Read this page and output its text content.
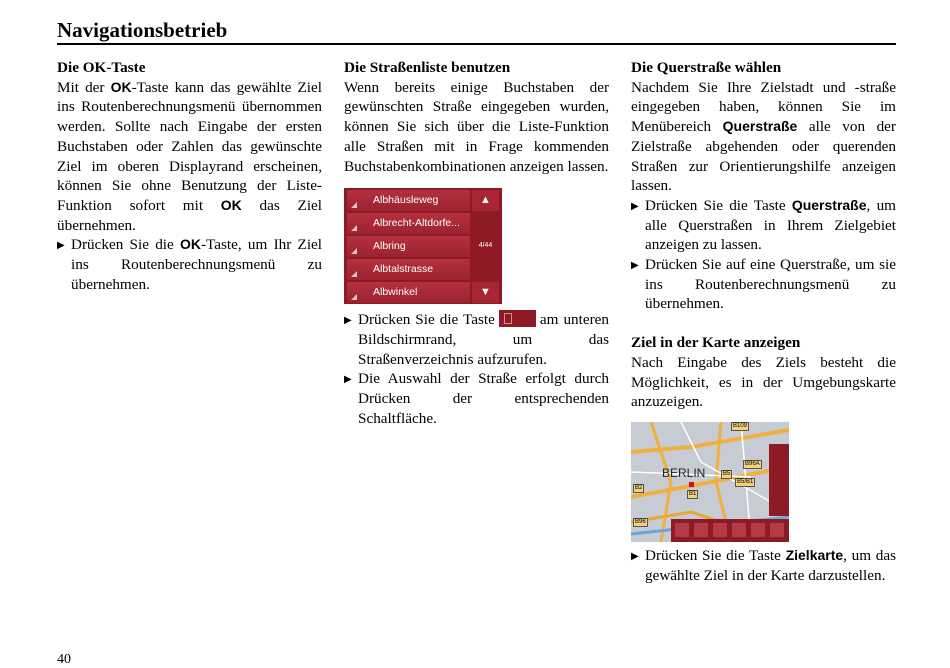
Navigationsbetrieb
Die OK-Taste

Mit der OK-Taste kann das gewählte Ziel ins Routenberechnungsmenü übernommen werden. Sollte nach Eingabe der ersten Buchstaben oder Zahlen das gewünschte Ziel im oberen Displayrand erscheinen, können Sie ohne Benutzung der Liste-Funktion sofort mit OK das Ziel übernehmen.

▶ Drücken Sie die OK-Taste, um Ihr Ziel ins Routenberechnungsmenü zu übernehmen.
Die Straßenliste benutzen

Wenn bereits einige Buchstaben der gewünschten Straße eingegeben wurden, können Sie sich über die Liste-Funktion alle Straßen mit in Frage kommenden Buchstabenkombinationen anzeigen lassen.

Albhäusleweg
Albrecht-Altdorfe...
Albring
Albtalstrasse
Albwinkel
▲
4/44
▼
▶ Drücken Sie die Taste	am unteren Bildschirmrand, um das Straßenverzeichnis aufzurufen.
▶ Die Auswahl der Straße erfolgt durch Drücken der entsprechenden Schaltfläche.
Die Querstraße wählen

Nachdem Sie Ihre Zielstadt und -straße eingegeben haben, können Sie im Menübereich Querstraße alle von der Zielstraße abgehenden oder querenden Straßen zur Orientierungshilfe anzeigen lassen.

▶ Drücken Sie die Taste Querstraße, um alle Querstraßen in Ihrem Zielgebiet anzeigen zu lassen.
▶ Drücken Sie auf eine Querstraße, um sie ins Routenberechnungsmenü zu übernehmen.
Ziel in der Karte anzeigen

Nach Eingabe des Ziels besteht die Möglichkeit, es in der Umgebungskarte anzuzeigen.

BERLIN
B109
B96A
B5
B5/B1
B1
B2
B96
▶ Drücken Sie die Taste Zielkarte, um das gewählte Ziel in der Karte darzustellen.
40
